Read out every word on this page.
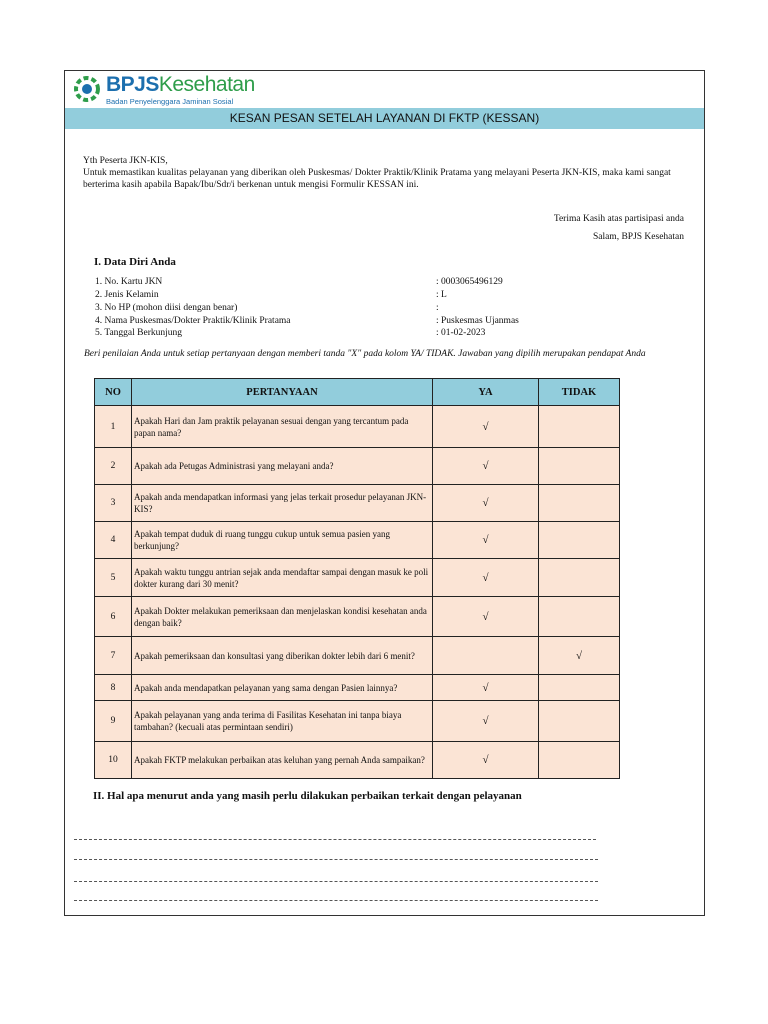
BPJSKesehatan
Badan Penyelenggara Jaminan Sosial
KESAN PESAN SETELAH LAYANAN DI FKTP (KESSAN)
Yth Peserta JKN-KIS,
Untuk memastikan kualitas pelayanan yang diberikan oleh Puskesmas/ Dokter Praktik/Klinik Pratama yang melayani Peserta JKN-KIS, maka kami sangat berterima kasih apabila Bapak/Ibu/Sdr/i berkenan untuk mengisi Formulir KESSAN ini.
Terima Kasih atas partisipasi anda
Salam, BPJS Kesehatan
I. Data Diri Anda
1. No. Kartu JKN	: 0003065496129
2. Jenis Kelamin	: L
3. No HP (mohon diisi dengan benar)	:
4. Nama Puskesmas/Dokter Praktik/Klinik Pratama	: Puskesmas Ujanmas
5. Tanggal Berkunjung	: 01-02-2023
Beri penilaian Anda untuk setiap pertanyaan dengan memberi tanda "X" pada kolom YA/ TIDAK. Jawaban yang dipilih merupakan pendapat Anda
NO	PERTANYAAN	YA	TIDAK
1	Apakah Hari dan Jam praktik pelayanan sesuai dengan yang tercantum pada papan nama?	√	
2	Apakah ada Petugas Administrasi yang melayani anda?	√	
3	Apakah anda mendapatkan informasi yang jelas terkait prosedur pelayanan JKN-KIS?	√	
4	Apakah tempat duduk di ruang tunggu cukup untuk semua pasien yang berkunjung?	√	
5	Apakah waktu tunggu antrian sejak anda mendaftar sampai dengan masuk ke poli dokter kurang dari 30 menit?	√	
6	Apakah Dokter melakukan pemeriksaan dan menjelaskan kondisi kesehatan anda dengan baik?	√	
7	Apakah pemeriksaan dan konsultasi yang diberikan dokter lebih dari 6 menit?		√
8	Apakah anda mendapatkan pelayanan yang sama dengan Pasien lainnya?	√	
9	Apakah pelayanan yang anda terima di Fasilitas Kesehatan ini tanpa biaya tambahan? (kecuali atas permintaan sendiri)	√	
10	Apakah FKTP melakukan perbaikan atas keluhan yang pernah Anda sampaikan?	√	
II. Hal apa menurut anda yang masih perlu dilakukan perbaikan terkait dengan pelayanan
